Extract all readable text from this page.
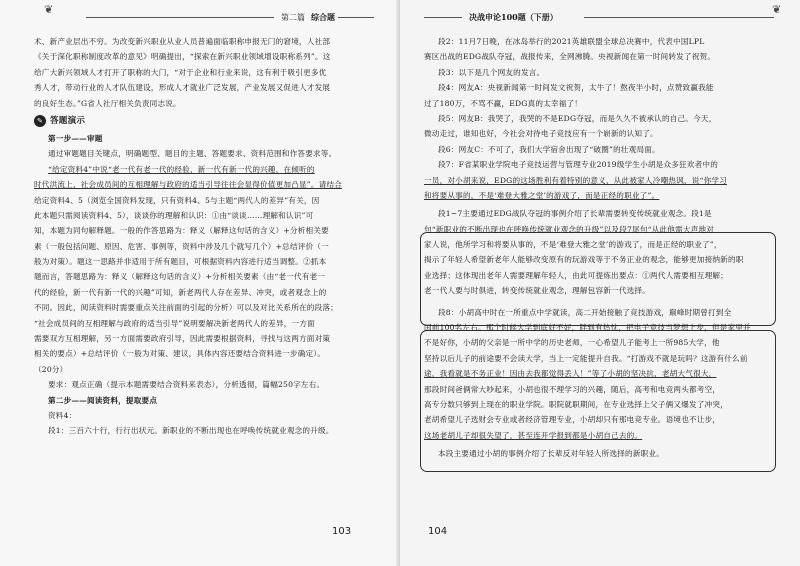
❦
第二篇 综合题
术、新产业层出不穷。为改变新兴职业从业人员普遍面临职称申报无门的窘境，人社部
《关于深化职称制度改革的意见》明确提出，“探索在新兴职业领域增设职称系列”。这
给广大新兴领域人才打开了职称的大门，“对于企业和行业来说，这有利于吸引更多优
秀人才，带动行业的人才队伍建设，形成人才就业广泛发展，产业发展又促进人才发展
的良好生态。”G省人社厅相关负责同志说。
✎ 答题演示
第一步——审题
通过审题题目关键点，明确题型、题目的主题、答题要求、资料范围和作答要求等。
“给定资料4”中说“老一代有老一代的经验，新一代有新一代的兴趣，在倾听的
时代洪流上，社会成员间的互相理解与政府的适当引导往往会显得价值更加凸显”。请结合
给定资料4、5（浏览全国资料发现，只有资料4、5与主题“两代人的差异”有关，因
此本题只需阅读资料4、5），谈谈你的理解和认识：①由“谈谈……理解和认识”可
知，本题为同句解释题。一般的作答思路为：释义（解释这句话的含义）+分析相关要
素（一般包括问题、原因、危害、事例等，资料中涉及几个就写几个）+总结评价（一
般为对策）。题这一思路并非适用于所有题目，可根据资料内容进行适当调整。②抓本
题而言，答题思路为：释义（解释这句话的含义）+分析相关要素（由“老一代有老一
代的经验，新一代有新一代的兴趣”可知，新老两代人存在差异、冲突，或者观念上的
不同。因此，阅读资料时需要重点关注前面的引起的分析）可以及对比关系所在的段落；
“社会成员间的互相理解与政府的适当引导”说明要解决新老两代人的差异，一方面
需要双方互相理解，另一方面需要政府引导，因此需要根据资料，寻找与这两方面对策
相关的要点）+总结评价（一般为对策、建议，具体内容还要结合资料进一步确定）。
（20分）
要求：观点正确（提示本题需要结合资料来表态），分析透彻，篇幅250字左右。
第二步——阅读资料，提取要点
资料4：
段1：三百六十行，行行出状元。新职业的不断出现也在呼唤传统就业观念的升级。
103
决战申论100题（下册）
❦
段2：11月7日晚，在冰岛举行的2021英雄联盟全球总决赛中，代表中国LPL
赛区出战的EDG战队夺冠，战报传来，全网沸腾。央视新闻在第一时间转发了祝贺。
段3：以下是几个网友的发言。
段4：网友A：央视新闻第一时间发文祝贺，太牛了！熬夜半小时，点赞致赢我能
过了180万，不骂不赢，EDG真的太幸福了！
段5：网友B：我哭了，我哭的不是EDG夺冠，而是久久不被承认的自己。今天，
微动走过，谁知也好，今社会对待电子竞技应有一个崭新的认知了。
段6：网友C：不可了，我们大学宿舍出现了“破圈”的壮观局面。
段7：F省某职业学院电子竞技运营与管理专业2019级学生小胡是众多狂欢者中的
一员，对小胡来说，EDG的这场胜利有着特别的意义，从此被家人冷嘲热讽，说“你学习
和将要从事的，不是‘难登大雅之堂’的游戏了，而是正经的职业了”。
段1~7主要通过EDG战队夺冠的事例介绍了长辈需要转变传统就业观念。段1是
句“新职业的不断出现也在呼唤传统就业观念的升级”以及段7尾句“从此他需大声地对
家人说，他所学习和将要从事的，不是‘难登大雅之堂’的游戏了，而是正经的职业了”，
揭示了年轻人希望新老年人能够改变原有的玩游戏等于不务正业的观念，能够更加接纳新的职
业选择；这体现出老年人需要理解年轻人，由此可提炼出要点：①两代人需要相互理解；
老一代人要与时俱进，转变传统就业观念，理解包容新一代选择。
段8：小胡高中时在一所重点中学就读，高二开始接触了竞技游戏，巅峰时期曾打到全
国前100名左右。那个时候大学到底好不好，胖到有热忱，把电子竞技当梦想上步，但是家里并
不是好你，小胡的父亲是一所中学的历史老师，一心希望儿子能考上一所985大学，他
坚持以后儿子的前途要不会读大学，当上一定能提升自我。“打游戏不就是玩吗？这游有什么前
途，我看就是不务正业！因由去我都觉得丢人！”等了小胡的坚决抗，老胡大气很大，
那段时间爸俩常大吵起来，小胡也很不理学习的兴趣，随后，高考和电竞两头都考空，
高专分数只够到上现在的职业学院。职院就职期间，在专业选择上父子俩又爆发了冲突，
老胡希望儿子选财会专业或者经济管理专业，小胡却只有那电竞专业。语境也不让步，
这场老胡儿子却很失望了，甚至连开学报到都是小胡自己去的。
本段主要通过小胡的事例介绍了长辈反对年轻人所选择的新职业。
104
